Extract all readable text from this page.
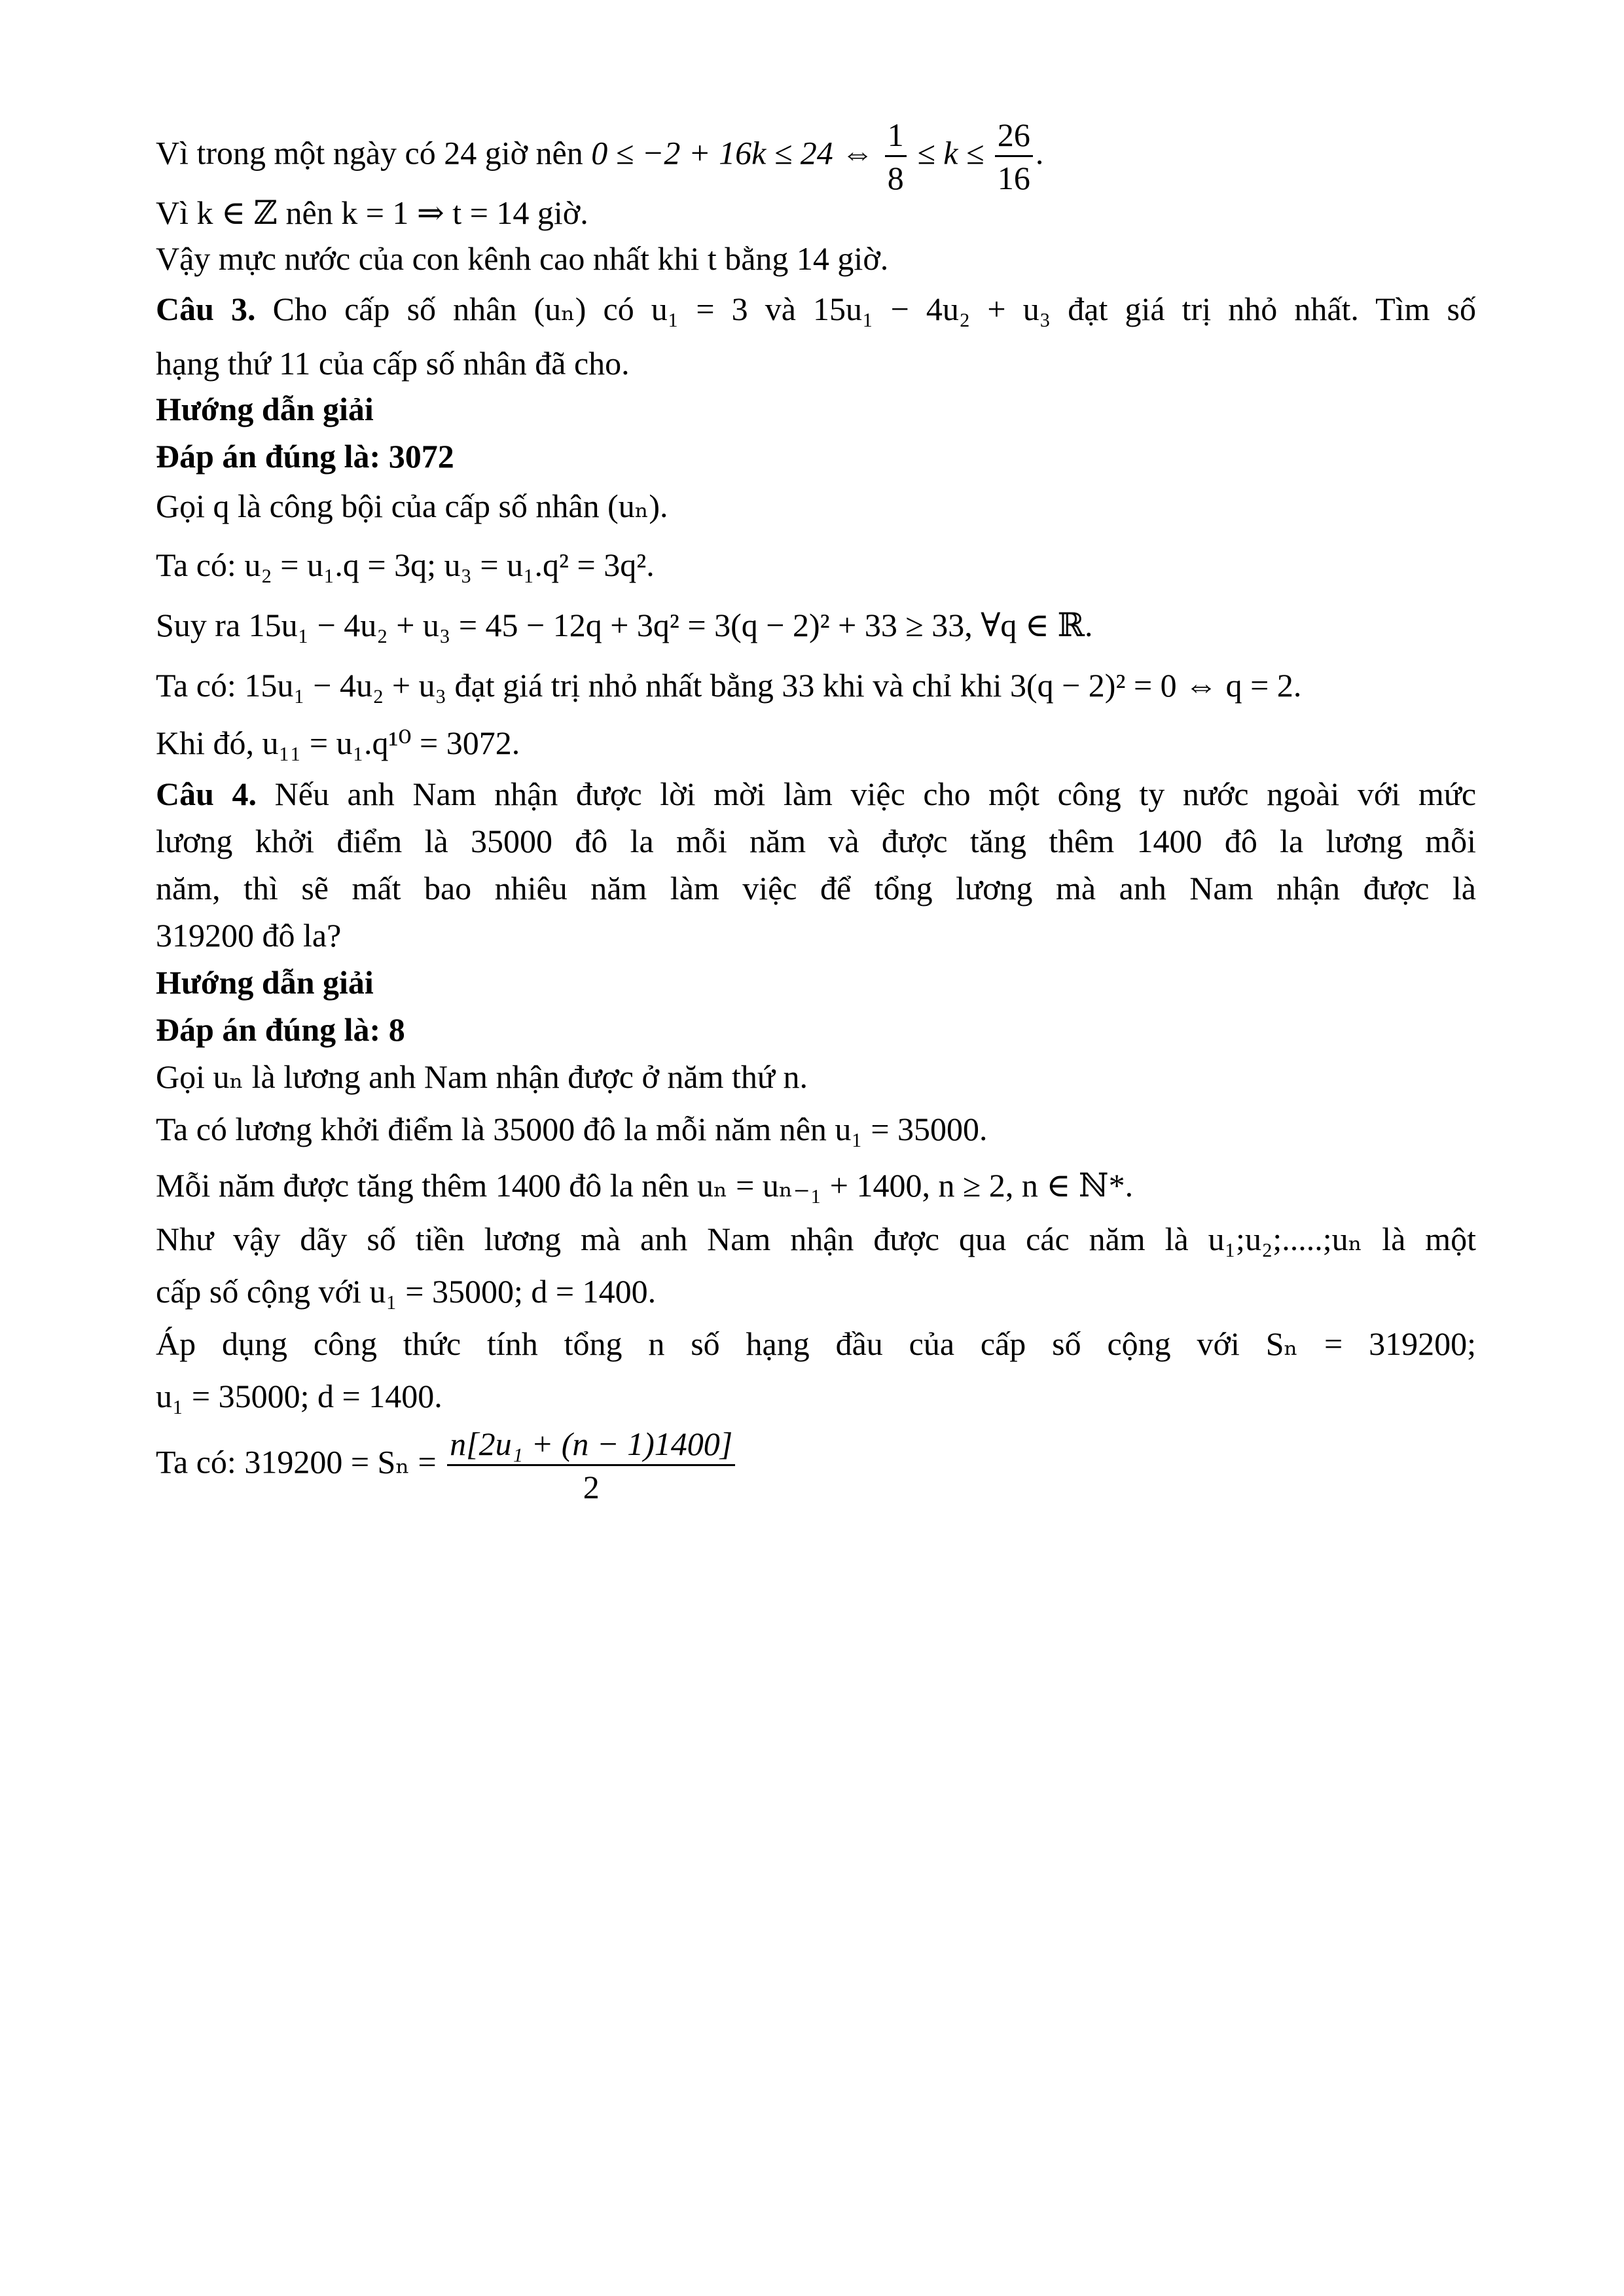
Vì trong một ngày có 24 giờ nên 0 ≤ −2 + 16k ≤ 24 ⇔ $\frac{1}{8} \le k \le \frac{26}{16}$ .
Vì k ∈ ℤ nên k = 1 ⇒ t = 14 giờ.
Vậy mực nước của con kênh cao nhất khi t bằng 14 giờ.
Câu 3. Cho cấp số nhân (uₙ) có u₁ = 3 và 15u₁ − 4u₂ + u₃ đạt giá trị nhỏ nhất. Tìm số
hạng thứ 11 của cấp số nhân đã cho.
Hướng dẫn giải
Đáp án đúng là: 3072
Gọi q là công bội của cấp số nhân (uₙ).
Ta có: u₂ = u₁.q = 3q; u₃ = u₁.q² = 3q².
Suy ra 15u₁ − 4u₂ + u₃ = 45 − 12q + 3q² = 3(q − 2)² + 33 ≥ 33, ∀q ∈ ℝ.
Ta có: 15u₁ − 4u₂ + u₃ đạt giá trị nhỏ nhất bằng 33 khi và chỉ khi 3(q − 2)² = 0 ⇔ q = 2.
Khi đó, u₁₁ = u₁.q¹⁰ = 3072.
Câu 4. Nếu anh Nam nhận được lời mời làm việc cho một công ty nước ngoài với mức
lương khởi điểm là 35000 đô la mỗi năm và được tăng thêm 1400 đô la lương mỗi
năm, thì sẽ mất bao nhiêu năm làm việc để tổng lương mà anh Nam nhận được là
319200 đô la?
Hướng dẫn giải
Đáp án đúng là: 8
Gọi uₙ là lương anh Nam nhận được ở năm thứ n.
Ta có lương khởi điểm là 35000 đô la mỗi năm nên u₁ = 35000.
Mỗi năm được tăng thêm 1400 đô la nên uₙ = uₙ₋₁ + 1400, n ≥ 2, n ∈ ℕ*.
Như vậy dãy số tiền lương mà anh Nam nhận được qua các năm là u₁;u₂;.....;uₙ là một
cấp số cộng với u₁ = 35000; d = 1400.
Áp dụng công thức tính tổng n số hạng đầu của cấp số cộng với Sₙ = 319200;
u₁ = 35000; d = 1400.
Ta có: $319200 = S_n = \frac{\text{n[2u₁ + (n − 1)1400]}}{2}$
